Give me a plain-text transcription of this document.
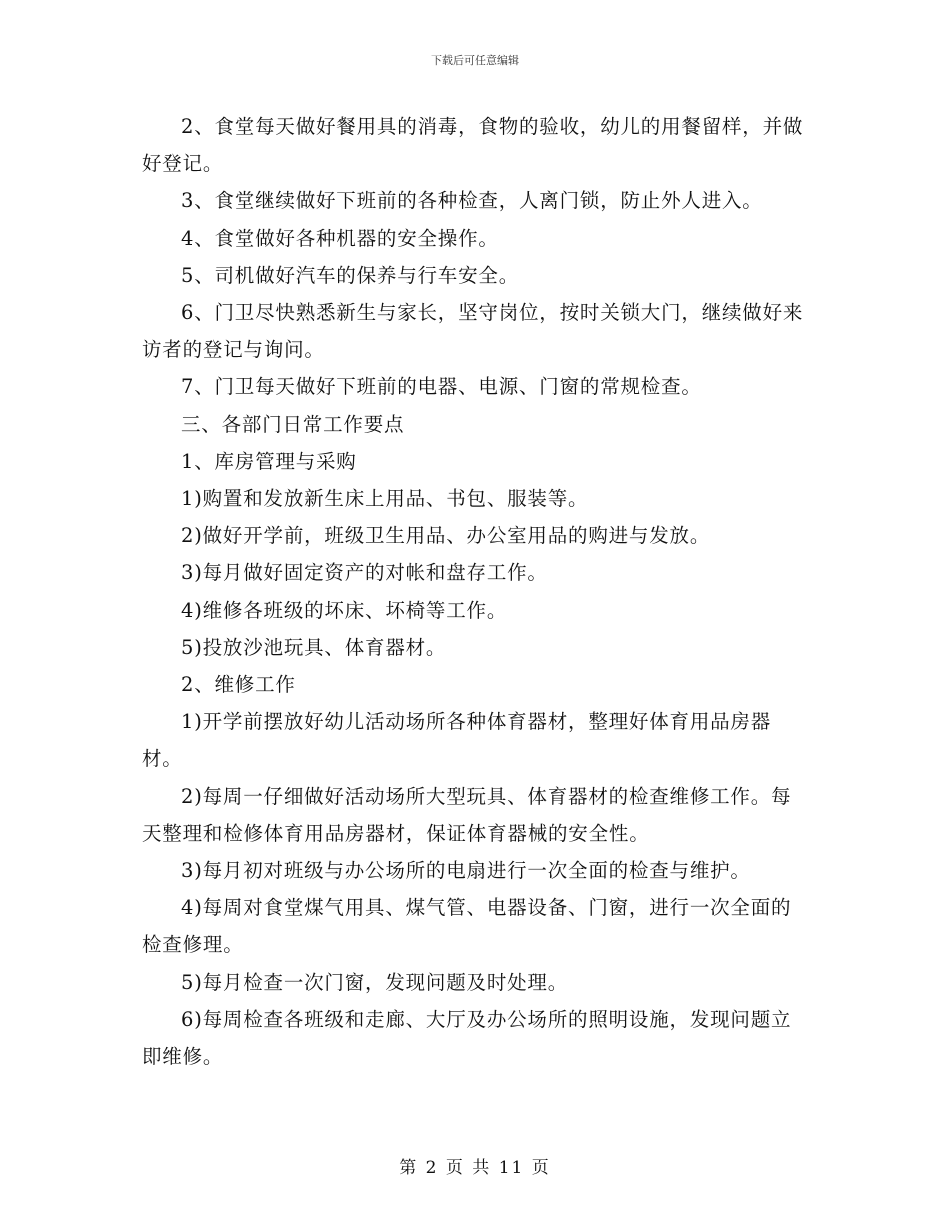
下载后可任意编辑

2、食堂每天做好餐用具的消毒，食物的验收，幼儿的用餐留样，并做好登记。

3、食堂继续做好下班前的各种检查，人离门锁，防止外人进入。

4、食堂做好各种机器的安全操作。

5、司机做好汽车的保养与行车安全。

6、门卫尽快熟悉新生与家长，坚守岗位，按时关锁大门，继续做好来访者的登记与询问。

7、门卫每天做好下班前的电器、电源、门窗的常规检查。

三、各部门日常工作要点

1、库房管理与采购

1)购置和发放新生床上用品、书包、服装等。

2)做好开学前，班级卫生用品、办公室用品的购进与发放。

3)每月做好固定资产的对帐和盘存工作。

4)维修各班级的坏床、坏椅等工作。

5)投放沙池玩具、体育器材。

2、维修工作

1)开学前摆放好幼儿活动场所各种体育器材，整理好体育用品房器材。

2)每周一仔细做好活动场所大型玩具、体育器材的检查维修工作。每天整理和检修体育用品房器材，保证体育器械的安全性。

3)每月初对班级与办公场所的电扇进行一次全面的检查与维护。

4)每周对食堂煤气用具、煤气管、电器设备、门窗，进行一次全面的检查修理。

5)每月检查一次门窗，发现问题及时处理。

6)每周检查各班级和走廊、大厅及办公场所的照明设施，发现问题立即维修。

第 2 页 共 11 页
